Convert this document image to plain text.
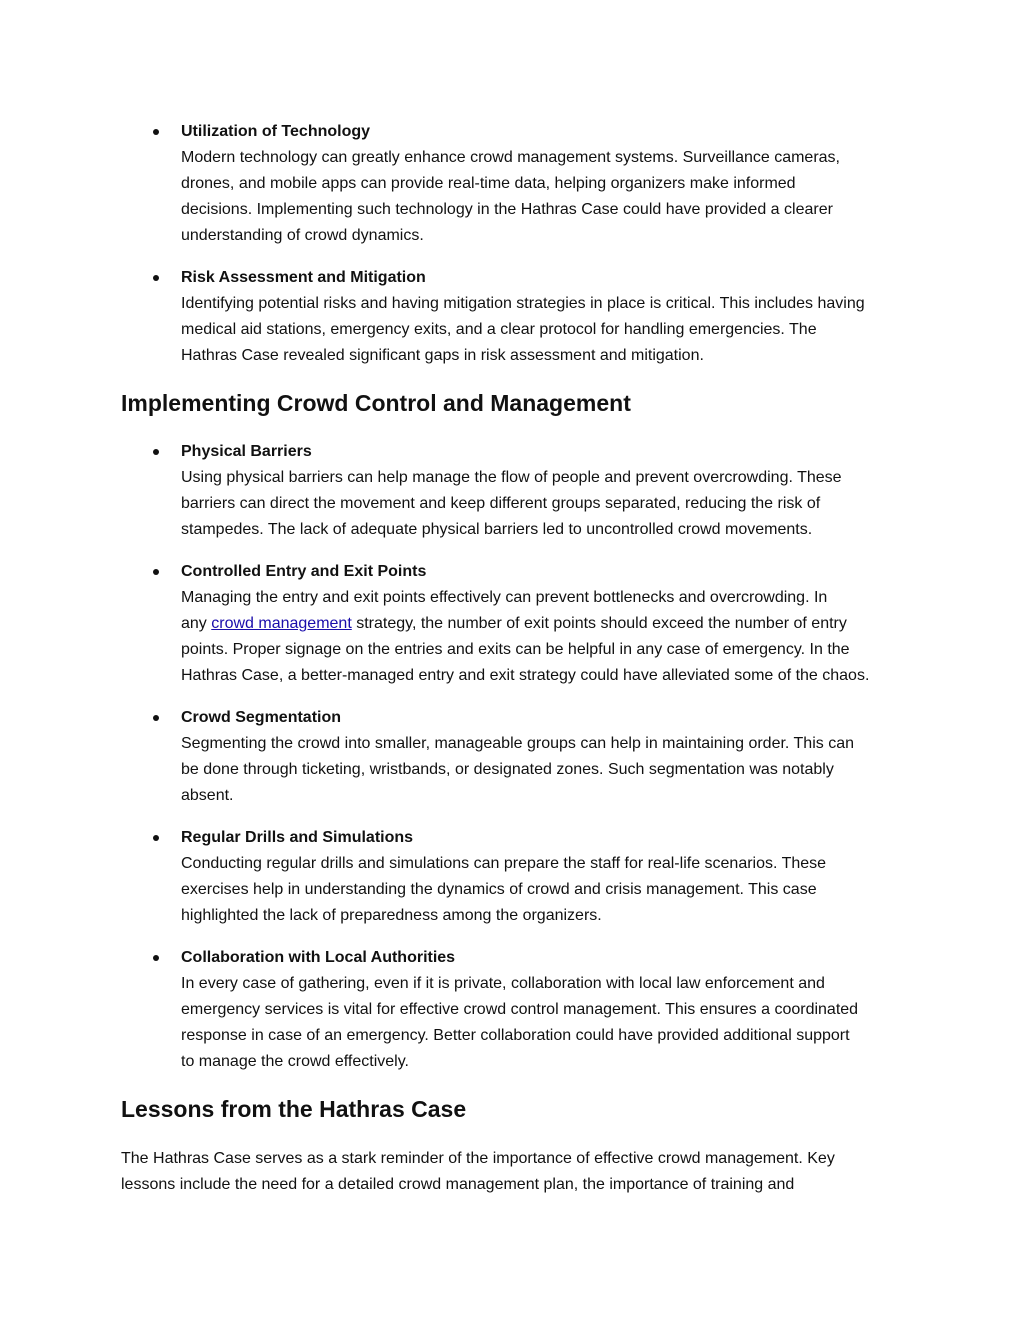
Utilization of Technology
Modern technology can greatly enhance crowd management systems. Surveillance cameras,
drones, and mobile apps can provide real-time data, helping organizers make informed
decisions. Implementing such technology in the Hathras Case could have provided a clearer
understanding of crowd dynamics.
Risk Assessment and Mitigation
Identifying potential risks and having mitigation strategies in place is critical. This includes having
medical aid stations, emergency exits, and a clear protocol for handling emergencies. The
Hathras Case revealed significant gaps in risk assessment and mitigation.
Implementing Crowd Control and Management
Physical Barriers
Using physical barriers can help manage the flow of people and prevent overcrowding. These
barriers can direct the movement and keep different groups separated, reducing the risk of
stampedes. The lack of adequate physical barriers led to uncontrolled crowd movements.
Controlled Entry and Exit Points
Managing the entry and exit points effectively can prevent bottlenecks and overcrowding. In
any crowd management strategy, the number of exit points should exceed the number of entry
points. Proper signage on the entries and exits can be helpful in any case of emergency. In the
Hathras Case, a better-managed entry and exit strategy could have alleviated some of the chaos.
Crowd Segmentation
Segmenting the crowd into smaller, manageable groups can help in maintaining order. This can
be done through ticketing, wristbands, or designated zones. Such segmentation was notably
absent.
Regular Drills and Simulations
Conducting regular drills and simulations can prepare the staff for real-life scenarios. These
exercises help in understanding the dynamics of crowd and crisis management. This case
highlighted the lack of preparedness among the organizers.
Collaboration with Local Authorities
In every case of gathering, even if it is private, collaboration with local law enforcement and
emergency services is vital for effective crowd control management. This ensures a coordinated
response in case of an emergency. Better collaboration could have provided additional support
to manage the crowd effectively.
Lessons from the Hathras Case

The Hathras Case serves as a stark reminder of the importance of effective crowd management. Key
lessons include the need for a detailed crowd management plan, the importance of training and
